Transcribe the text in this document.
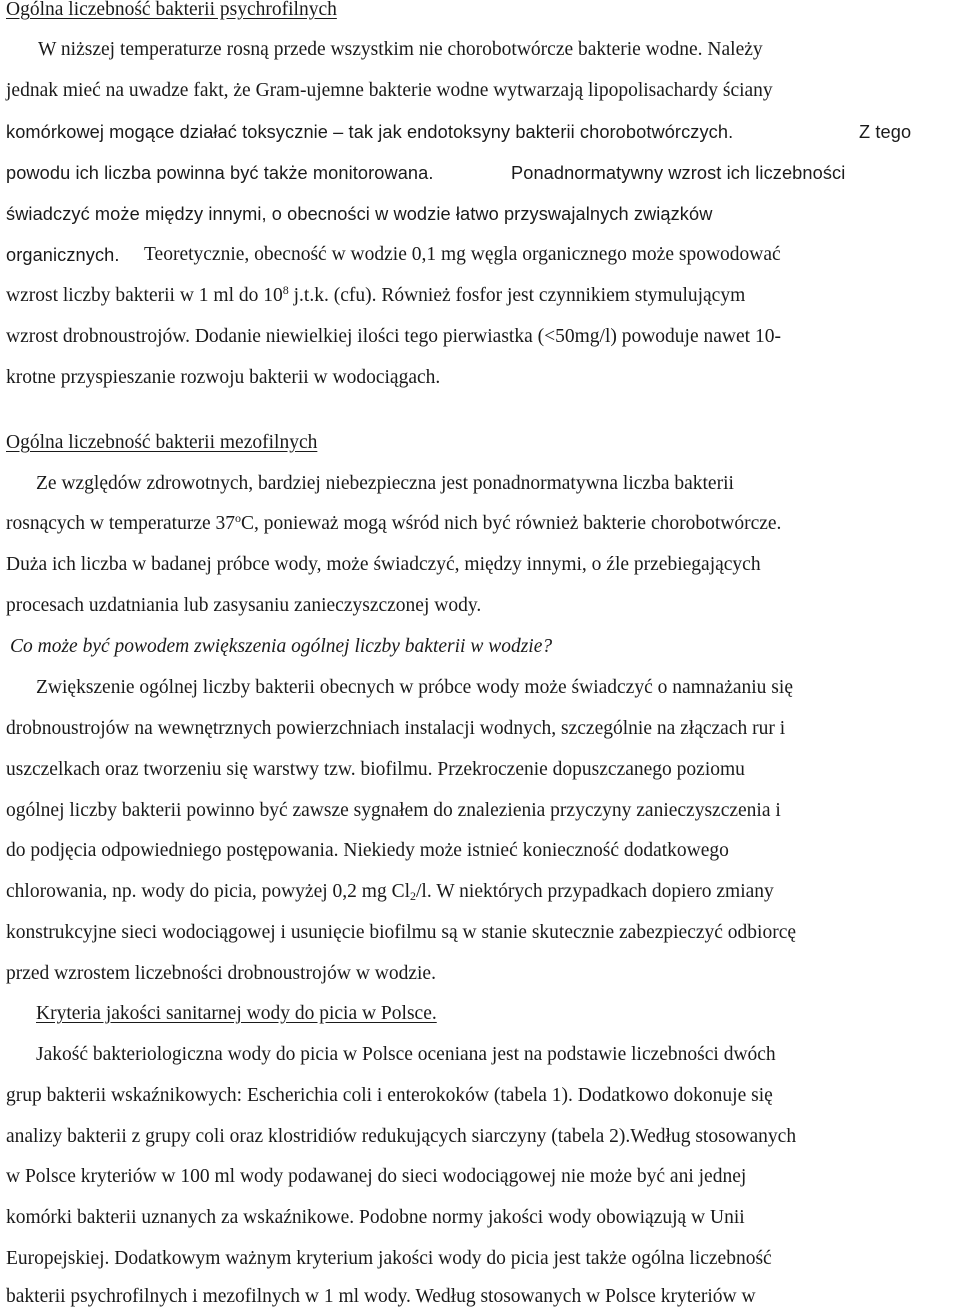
Ogólna liczebność bakterii psychrofilnych
W niższej temperaturze rosną przede wszystkim nie chorobotwórcze bakterie wodne. Należy
jednak mieć na uwadze fakt, że Gram-ujemne bakterie wodne wytwarzają lipopolisachardy ściany
komórkowej mogące działać toksycznie – tak jak endotoksyny bakterii chorobotwórczych.	Z tego
powodu ich liczba powinna być także monitorowana.	Ponadnormatywny wzrost ich liczebności
świadczyć może między innymi, o obecności w wodzie łatwo przyswajalnych związków
organicznych. Teoretycznie, obecność w wodzie 0,1 mg węgla organicznego może spowodować
wzrost liczby bakterii w 1 ml do $10^8$ j.t.k. (cfu). Również fosfor jest czynnikiem stymulującym
wzrost drobnoustrojów. Dodanie niewielkiej ilości tego pierwiastka (<50mg/l) powoduje nawet 10-
krotne przyspieszanie rozwoju bakterii w wodociągach.
Ogólna liczebność bakterii mezofilnych
Ze względów zdrowotnych, bardziej niebezpieczna jest ponadnormatywna liczba bakterii
rosnących w temperaturze 37$^o$C, ponieważ mogą wśród nich być również bakterie chorobotwórcze.
Duża ich liczba w badanej próbce wody, może świadczyć, między innymi, o źle przebiegających
procesach uzdatniania lub zasysaniu zanieczyszczonej wody.
Co może być powodem zwiększenia ogólnej liczby bakterii w wodzie?
Zwiększenie ogólnej liczby bakterii obecnych w próbce wody może świadczyć o namnażaniu się
drobnoustrojów na wewnętrznych powierzchniach instalacji wodnych, szczególnie na złączach rur i
uszczelkach oraz tworzeniu się warstwy tzw. biofilmu. Przekroczenie dopuszczanego poziomu
ogólnej liczby bakterii powinno być zawsze sygnałem do znalezienia przyczyny zanieczyszczenia i
do podjęcia odpowiedniego postępowania. Niekiedy może istnieć konieczność dodatkowego
chlorowania, np. wody do picia, powyżej 0,2 mg $Cl_2/l$. W niektórych przypadkach dopiero zmiany
konstrukcyjne sieci wodociągowej i usunięcie biofilmu są w stanie skutecznie zabezpieczyć odbiorcę
przed wzrostem liczebności drobnoustrojów w wodzie.
Kryteria jakości sanitarnej wody do picia w Polsce.
Jakość bakteriologiczna wody do picia w Polsce oceniana jest na podstawie liczebności dwóch
grup bakterii wskaźnikowych: Escherichia coli i enterokoków (tabela 1). Dodatkowo dokonuje się
analizy bakterii z grupy coli oraz klostridiów redukujących siarczyny (tabela 2).Według stosowanych
w Polsce kryteriów w 100 ml wody podawanej do sieci wodociągowej nie może być ani jednej
komórki bakterii uznanych za wskaźnikowe. Podobne normy jakości wody obowiązują w Unii
Europejskiej. Dodatkowym ważnym kryterium jakości wody do picia jest także ogólna liczebność
bakterii psychrofilnych i mezofilnych w 1 ml wody. Według stosowanych w Polsce kryteriów w
